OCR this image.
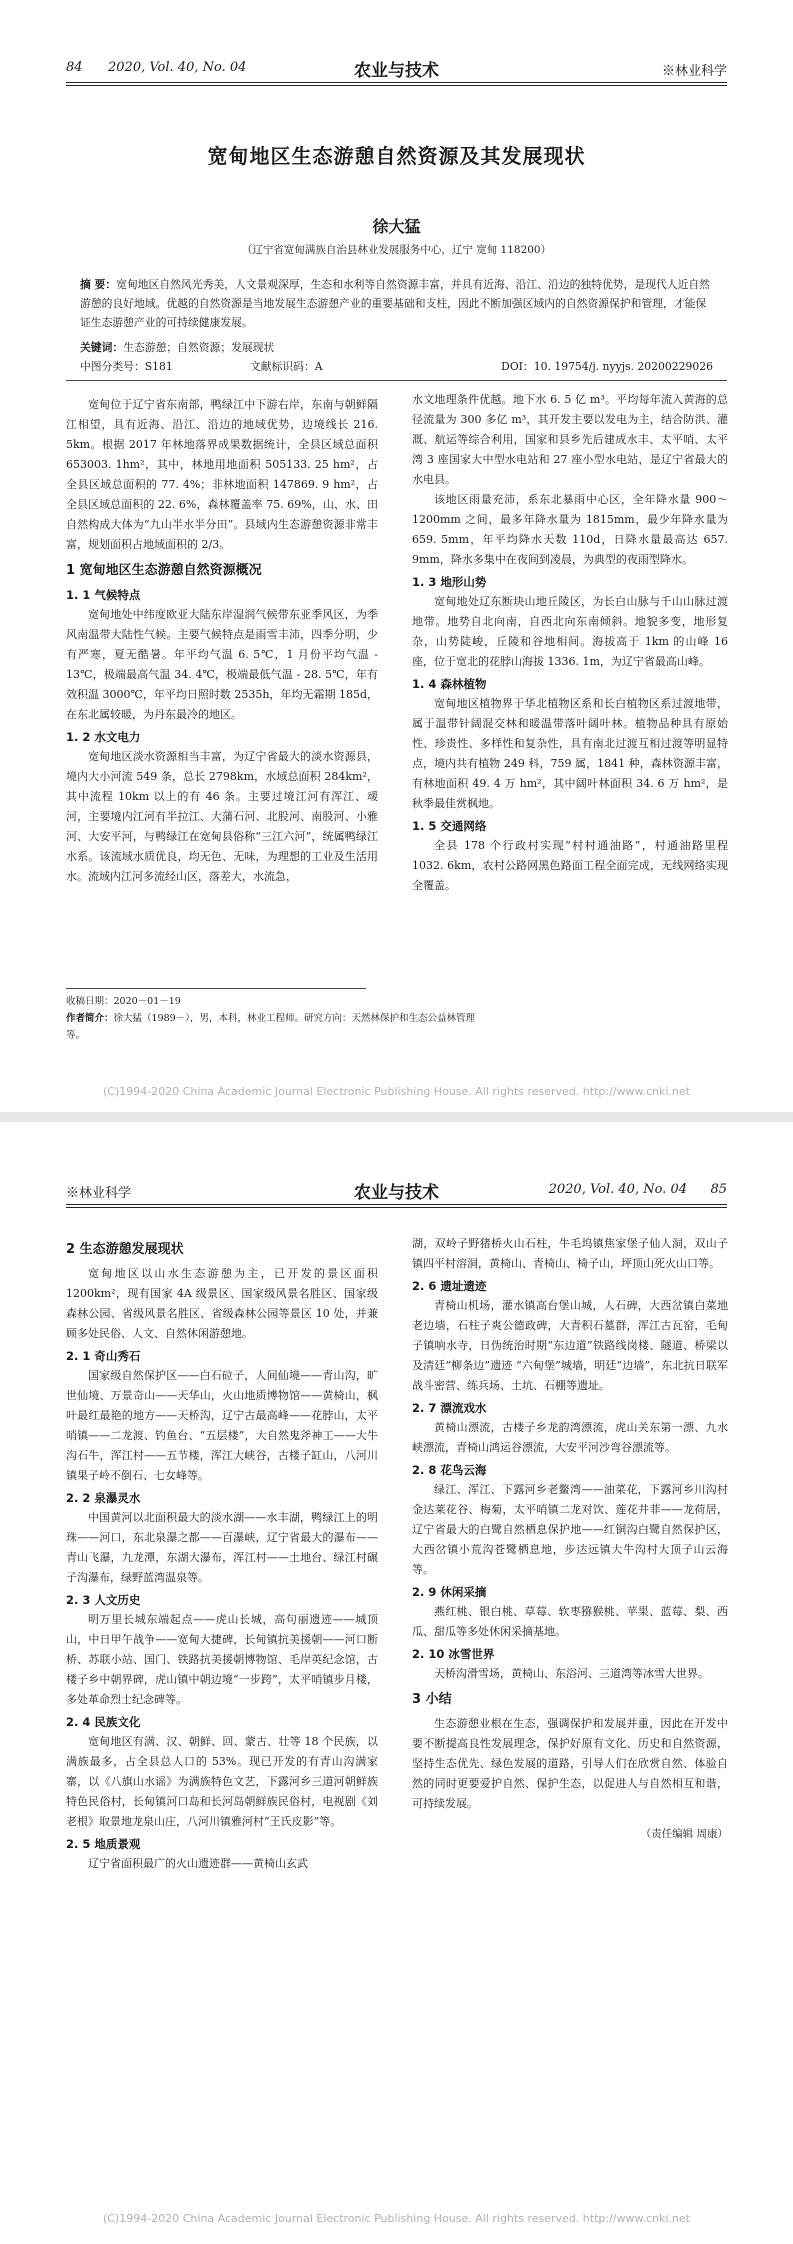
84 2020, Vol. 40, No. 04	农业与技术	※林业科学
宽甸地区生态游憩自然资源及其发展现状
徐大猛
（辽宁省宽甸满族自治县林业发展服务中心，辽宁 宽甸 118200）
摘 要：宽甸地区自然风光秀美，人文景观深厚，生态和水利等自然资源丰富，并具有近海、沿江、沿边的独特优势，是现代人近自然游憩的良好地域。优越的自然资源是当地发展生态游憩产业的重要基础和支柱，因此不断加强区域内的自然资源保护和管理，才能保证生态游憩产业的可持续健康发展。
关键词：生态游憩；自然资源；发展现状
中图分类号：S181	文献标识码：A	DOI：10. 19754/j. nyyjs. 20200229026

宽甸位于辽宁省东南部，鸭绿江中下游右岸，东南与朝鲜隔江相望，具有近海、沿江、沿边的地域优势，边境线长 216. 5km。根据 2017 年林地落界成果数据统计，全县区域总面积 653003. 1hm²，其中，林地用地面积 505133. 25 hm²，占全县区域总面积的 77. 4%；非林地面积 147869. 9 hm²，占全县区域总面积的 22. 6%，森林覆盖率 75. 69%，山、水、田自然构成大体为“九山半水半分田”。县域内生态游憩资源非常丰富，规划面积占地域面积的 2/3。

1 宽甸地区生态游憩自然资源概况
1. 1 气候特点

宽甸地处中纬度欧亚大陆东岸湿润气候带东亚季风区，为季风南温带大陆性气候。主要气候特点是雨雪丰沛，四季分明，少有严寒，夏无酷暑。年平均气温 6. 5℃，1 月份平均气温 - 13℃，极端最高气温 34. 4℃，极端最低气温 - 28. 5℃，年有效积温 3000℃，年平均日照时数 2535h，年均无霜期 185d，在东北属较暖，为丹东最冷的地区。

1. 2 水文电力

宽甸地区淡水资源相当丰富，为辽宁省最大的淡水资源县，境内大小河流 549 条，总长 2798km，水域总面积 284km²，其中流程 10km 以上的有 46 条。主要过境江河有浑江、叆河，主要境内江河有半拉江、大蒲石河、北股河、南股河、小雅河、大安平河，与鸭绿江在宽甸县俗称“三江六河”，统属鸭绿江水系。该流域水质优良，均无色、无味，为理想的工业及生活用水。流域内江河多流经山区，落差大，水流急，

水文地理条件优越。地下水 6. 5 亿 m³。平均每年流入黄海的总径流量为 300 多亿 m³，其开发主要以发电为主，结合防洪、灌溉、航运等综合利用，国家和县乡先后建成水丰、太平哨、太平湾 3 座国家大中型水电站和 27 座小型水电站，是辽宁省最大的水电县。

该地区雨量充沛，系东北暴雨中心区，全年降水量 900～1200mm 之间，最多年降水量为 1815mm，最少年降水量为 659. 5mm，年平均降水天数 110d，日降水量最高达 657. 9mm，降水多集中在夜间到凌晨，为典型的夜雨型降水。

1. 3 地形山势

宽甸地处辽东断块山地丘陵区，为长白山脉与千山山脉过渡地带。地势自北向南，自西北向东南倾斜。地貌多变，地形复杂，山势陡峻，丘陵和谷地相间。海拔高于 1km 的山峰 16 座，位于宽北的花脖山海拔 1336. 1m，为辽宁省最高山峰。

1. 4 森林植物

宽甸地区植物界于华北植物区系和长白植物区系过渡地带，属于温带针阔混交林和暖温带落叶阔叶林。植物品种具有原始性、珍贵性、多样性和复杂性，具有南北过渡互相过渡等明显特点，境内共有植物 249 科，759 属，1841 种，森林资源丰富，有林地面积 49. 4 万 hm²，其中阔叶林面积 34. 6 万 hm²，是秋季最佳赏枫地。

1. 5 交通网络

全县 178 个行政村实现“村村通油路”，村通油路里程 1032. 6km，农村公路网黑色路面工程全面完成，无线网络实现全覆盖。

收稿日期：2020－01－19
作者简介：徐大猛（1989－），男，本科，林业工程师。研究方向：天然林保护和生态公益林管理等。
(C)1994-2020 China Academic Journal Electronic Publishing House. All rights reserved. http://www.cnki.net
※林业科学	农业与技术	2020, Vol. 40, No. 04 85
2 生态游憩发展现状

宽甸地区以山水生态游憩为主，已开发的景区面积 1200km²，现有国家 4A 级景区、国家级风景名胜区、国家级森林公园、省级风景名胜区、省级森林公园等景区 10 处，并兼顾多处民俗、人文、自然休闲游憩地。

2. 1 奇山秀石

国家级自然保护区——白石砬子，人间仙境——青山沟，旷世仙境、万景奇山——天华山，火山地质博物馆——黄椅山，枫叶最红最艳的地方——天桥沟，辽宁古最高峰——花脖山，太平哨镇——二龙渡、钓鱼台、“五层楼”，大自然鬼斧神工——大牛沟石牛，浑江村——五节楼，浑江大峡谷，古楼子缸山，八河川镇果子岭不倒石、七女峰等。

2. 2 泉瀑灵水

中国黄河以北面积最大的淡水湖——水丰湖，鸭绿江上的明珠——河口，东北泉瀑之都——百瀑峡，辽宁省最大的瀑布——青山飞瀑，九龙潭，东湖大瀑布，浑江村——土地台、绿江村碾子沟瀑布，绿野蓝湾温泉等。

2. 3 人文历史

明万里长城东端起点——虎山长城，高句丽遗迹——城顶山，中日甲午战争——宽甸大捷碑，长甸镇抗美援朝——河口断桥、苏联小站、国门、铁路抗美援朝博物馆、毛岸英纪念馆，古楼子乡中朝界碑，虎山镇中朝边境“一步跨”，太平哨镇步月楼，多处革命烈士纪念碑等。

2. 4 民族文化

宽甸地区有满、汉、朝鲜、回、蒙古、壮等 18 个民族，以满族最多，占全县总人口的 53%。现已开发的有青山沟满家寨，以《八旗山水谣》为满族特色文艺，下露河乡三道河朝鲜族特色民俗村，长甸镇河口岛和长河岛朝鲜族民俗村，电视剧《刘老根》取景地龙泉山庄，八河川镇雅河村“王氏皮影”等。

2. 5 地质景观

辽宁省面积最广的火山遗迹群——黄椅山玄武

湖，双岭子野猪桥火山石柱，牛毛坞镇焦家堡子仙人洞，双山子镇四平村溶洞，黄椅山、青椅山、椅子山，坪顶山死火山口等。

2. 6 遗址遗迹

青椅山机场，灌水镇高台堡山城，人石碑，大西岔镇白菜地老边墙，石柱子爽公德政碑，大青积石墓群，浑江古瓦窑，毛甸子镇响水寺，日伪统治时期“东边道”铁路线岗楼、隧道、桥梁以及清廷“柳条边”遗迹 “六甸堡”城墙，明廷“边墙”，东北抗日联军战斗密营、练兵场、土坑、石棚等遗址。

2. 7 漂流戏水

黄椅山漂流，古楼子乡龙韵湾漂流，虎山关东第一漂、九水峡漂流，青椅山鸿运谷漂流，大安平河沙弯谷漂流等。

2. 8 花鸟云海

绿江、浑江、下露河乡老鳖湾——油菜花，下露河乡川沟村金达莱花谷、梅菊，太平哨镇二龙对饮、莲花井菲——龙荷居，辽宁省最大的白鹭自然栖息保护地——红铜沟白鹭自然保护区，大西岔镇小荒沟苍鹭栖息地，步达远镇大牛沟村大顶子山云海等。

2. 9 休闲采摘

燕红桃、银白桃、草莓、软枣猕猴桃、苹果、蓝莓、梨、西瓜、甜瓜等多处休闲采摘基地。

2. 10 冰雪世界

天桥沟滑雪场，黄椅山、东浴河、三道湾等冰雪大世界。

3 小结

生态游憩业根在生态，强调保护和发展并重，因此在开发中要不断提高良性发展理念，保护好原有文化、历史和自然资源，坚持生态优先、绿色发展的道路，引导人们在欣赏自然、体验自然的同时更要爱护自然、保护生态，以促进人与自然相互和谐，可持续发展。

（责任编辑 周康）
(C)1994-2020 China Academic Journal Electronic Publishing House. All rights reserved. http://www.cnki.net
